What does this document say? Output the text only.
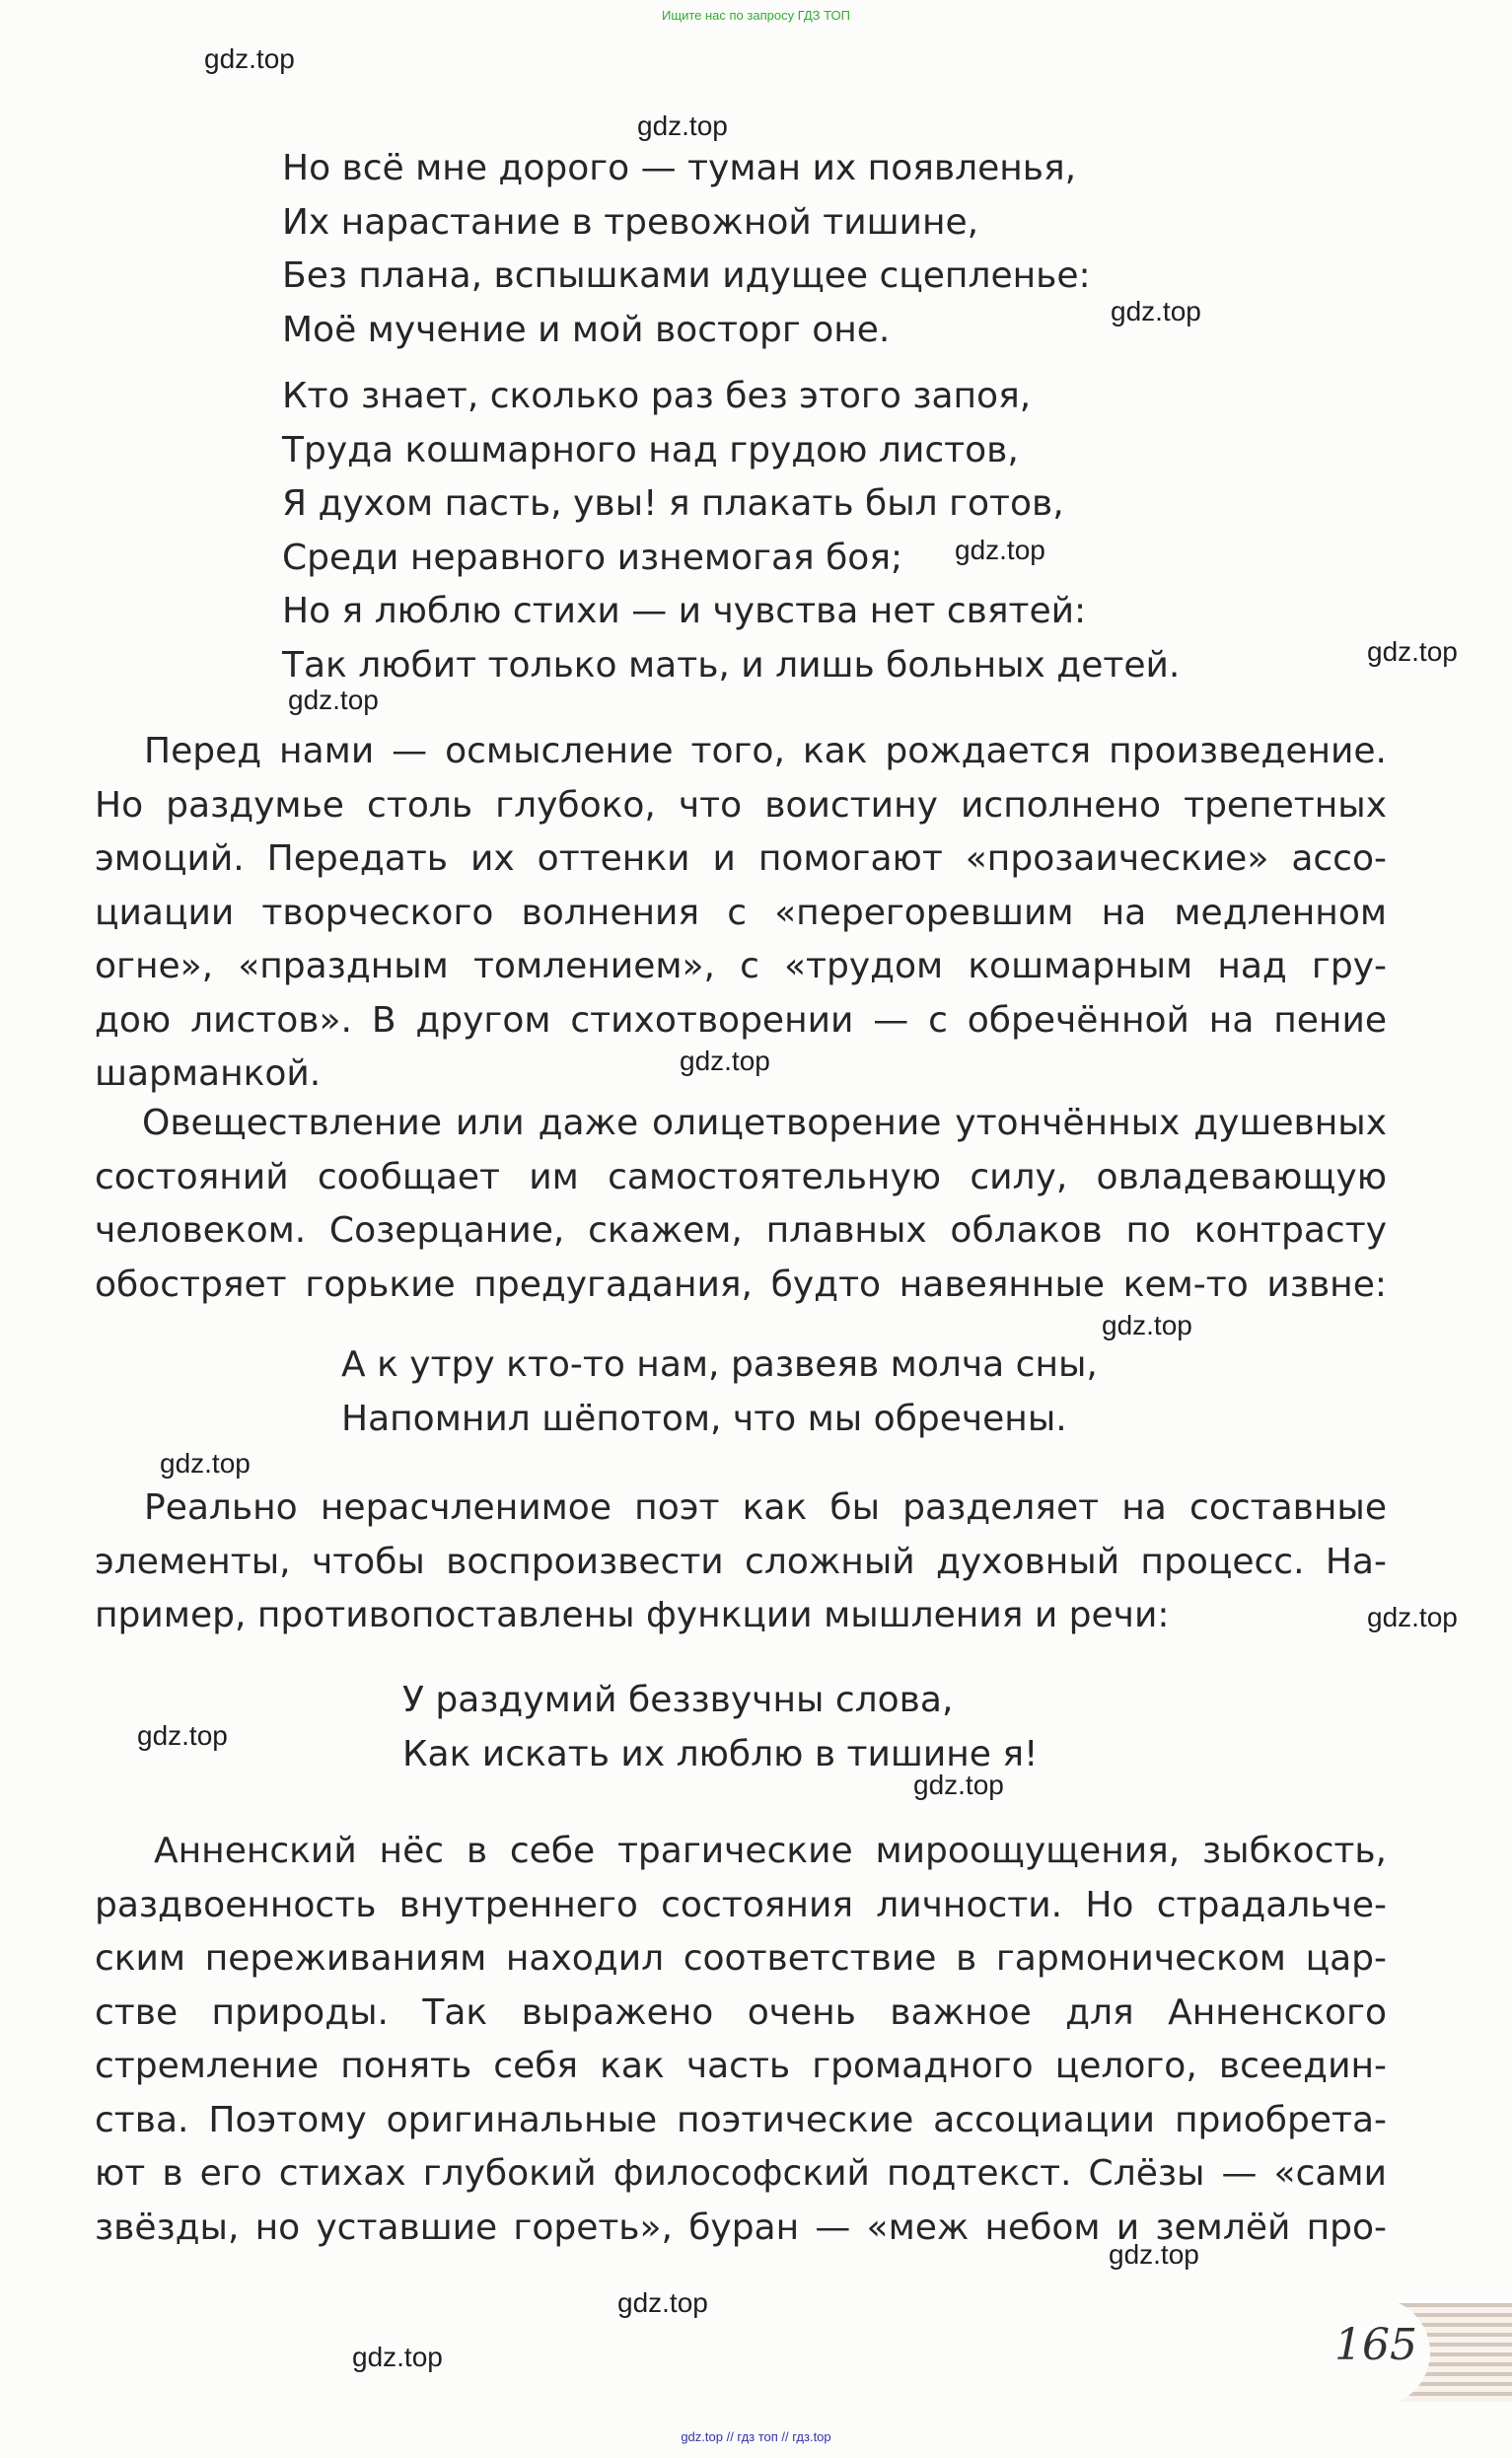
Ищите нас по запросу ГДЗ ТОП
Но всё мне дорого — туман их появленья,
Их нарастание в тревожной тишине,
Без плана, вспышками идущее сцепленье:
Моё мучение и мой восторг оне.
Кто знает, сколько раз без этого запоя,
Труда кошмарного над грудою листов,
Я духом пасть, увы! я плакать был готов,
Среди неравного изнемогая боя;
Но я люблю стихи — и чувства нет святей:
Так любит только мать, и лишь больных детей.
Перед нами — осмысление того, как рождается произведение.
Но раздумье столь глубоко, что воистину исполнено трепетных
эмоций. Передать их оттенки и помогают «прозаические» ассо-
циации творческого волнения с «перегоревшим на медленном
огне», «праздным томлением», с «трудом кошмарным над гру-
дою листов». В другом стихотворении — с обречённой на пение
шарманкой.
Овеществление или даже олицетворение утончённых душевных
состояний сообщает им самостоятельную силу, овладевающую
человеком. Созерцание, скажем, плавных облаков по контрасту
обостряет горькие предугадания, будто навеянные кем-то извне:
А к утру кто-то нам, развеяв молча сны,
Напомнил шёпотом, что мы обречены.
Реально нерасчленимое поэт как бы разделяет на составные
элементы, чтобы воспроизвести сложный духовный процесс. На-
пример, противопоставлены функции мышления и речи:
У раздумий беззвучны слова,
Как искать их люблю в тишине я!
Анненский нёс в себе трагические мироощущения, зыбкость,
раздвоенность внутреннего состояния личности. Но страдальче-
ским переживаниям находил соответствие в гармоническом цар-
стве природы. Так выражено очень важное для Анненского
стремление понять себя как часть громадного целого, всеедин-
ства. Поэтому оригинальные поэтические ассоциации приобрета-
ют в его стихах глубокий философский подтекст. Слёзы — «сами
звёзды, но уставшие гореть», буран — «меж небом и землёй про-
gdz.top
gdz.top
gdz.top
gdz.top
gdz.top
gdz.top
gdz.top
gdz.top
gdz.top
gdz.top
gdz.top
gdz.top
gdz.top
gdz.top
gdz.top	165
gdz.top // гдз топ // гдз.top
